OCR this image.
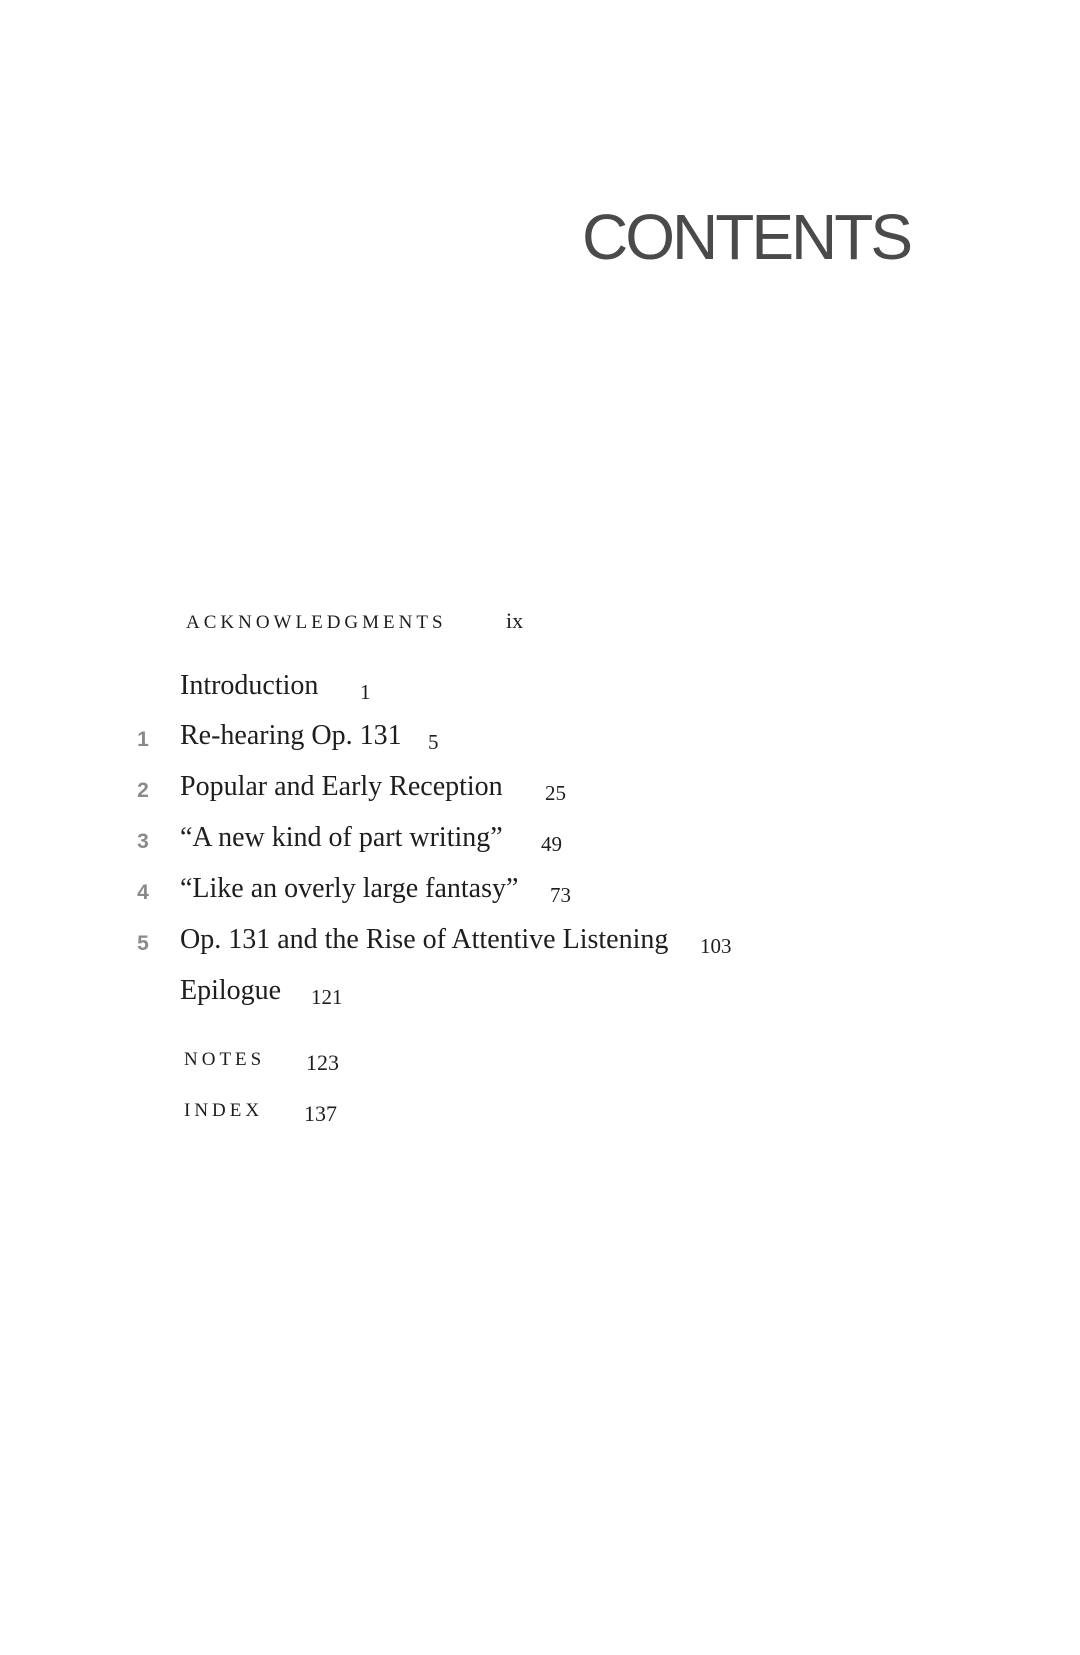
CONTENTS
ACKNOWLEDGMENTS	ix
Introduction 1
1 Re-hearing Op. 131 5
2 Popular and Early Reception 25
3 “A new kind of part writing” 49
4 “Like an overly large fantasy” 73
5 Op. 131 and the Rise of Attentive Listening 103
Epilogue 121
NOTES 123
INDEX 137
